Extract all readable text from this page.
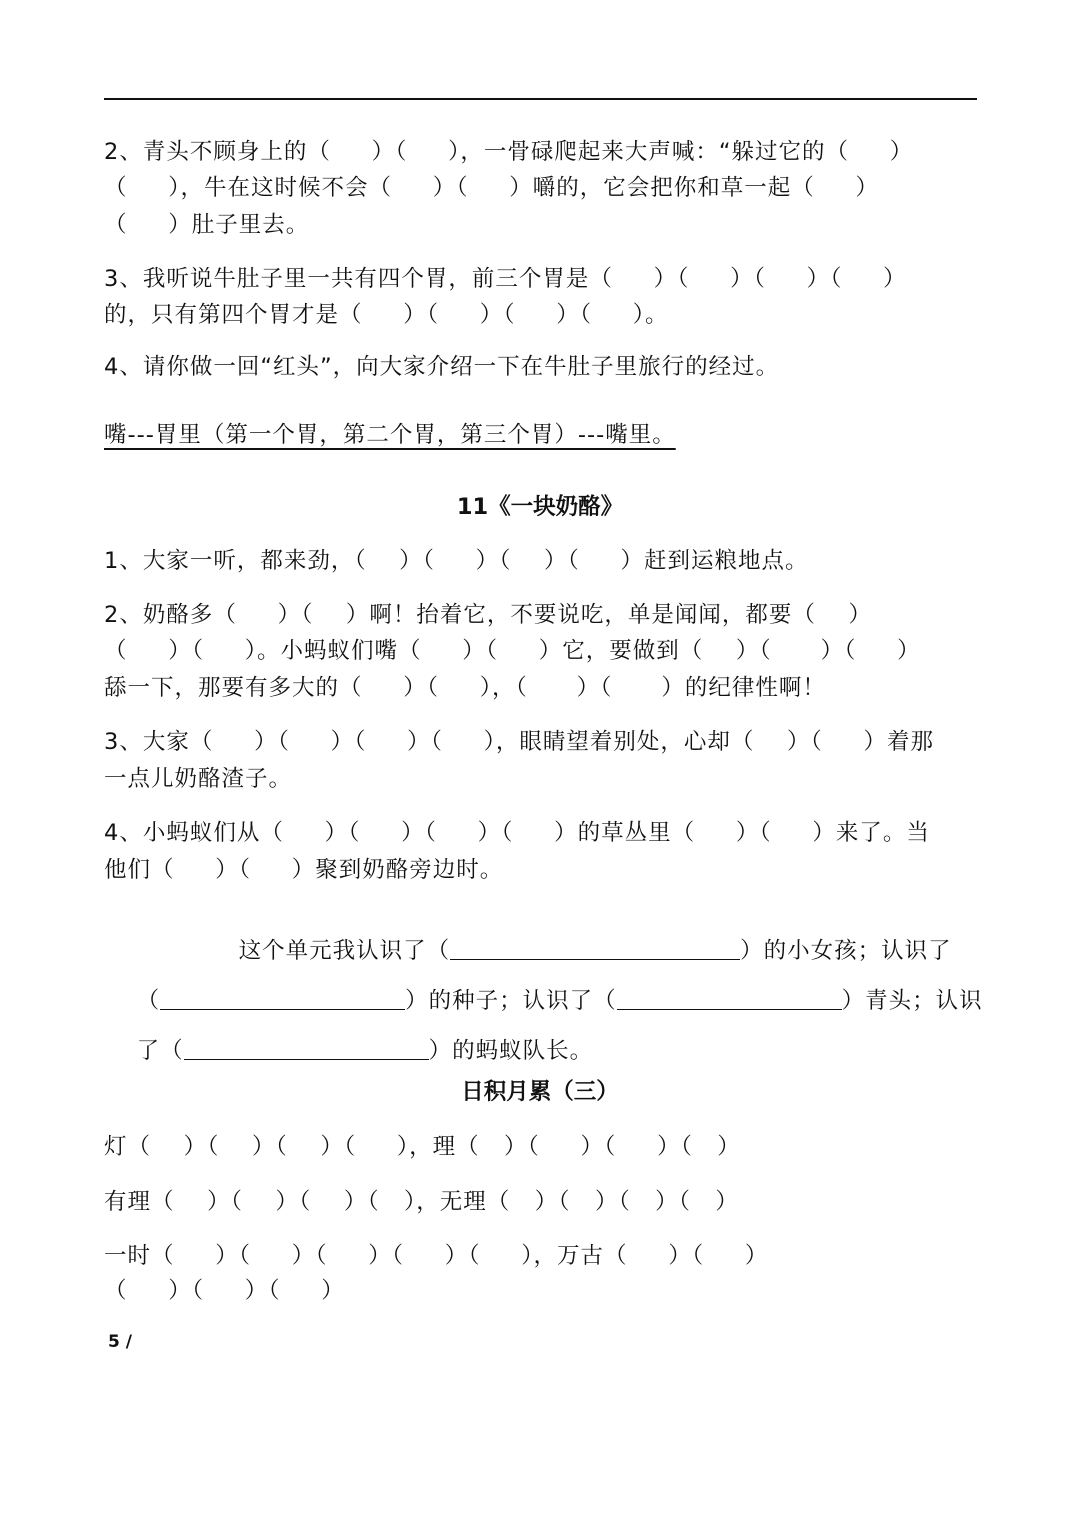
2、青头不顾身上的（     ）（     ），一骨碌爬起来大声喊：“躲过它的（     ）
（     ），牛在这时候不会（     ）（     ）嚼的，它会把你和草一起（     ）
（     ）肚子里去。
3、我听说牛肚子里一共有四个胃，前三个胃是（     ）（     ）（     ）（     ）
的，只有第四个胃才是（     ）（     ）（     ）（     ）。
4、请你做一回“红头”，向大家介绍一下在牛肚子里旅行的经过。
嘴---胃里（第一个胃，第二个胃，第三个胃）---嘴里。
11《一块奶酪》
1、大家一听，都来劲，（    ）（     ）（    ）（     ）赶到运粮地点。
2、奶酪多（     ）（    ）啊！抬着它，不要说吃，单是闻闻，都要（    ）
（     ）（     ）。小蚂蚁们嘴（     ）（     ）它，要做到（    ）（      ）（     ）
舔一下，那要有多大的（     ）（     ），（      ）（      ）的纪律性啊！
3、大家（     ）（     ）（     ）（     ），眼睛望着别处，心却（    ）（     ）着那
一点儿奶酪渣子。
4、小蚂蚁们从（     ）（     ）（     ）（     ）的草丛里（     ）（     ）来了。当
他们（     ）（     ）聚到奶酪旁边时。

这个单元我认识了（	）的小女孩；认识了

（	）的种子；认识了（	）青头；认识

了（	）的蚂蚁队长。

日积月累（三）
灯（    ）（    ）（    ）（     ），理（   ）（     ）（     ）（   ）
有理（    ）（    ）（    ）（   ），无理（   ）（   ）（   ）（   ）
一时（     ）（     ）（     ）（     ）（     ），万古（     ）（     ）
（     ）（     ）（     ）
5 /
